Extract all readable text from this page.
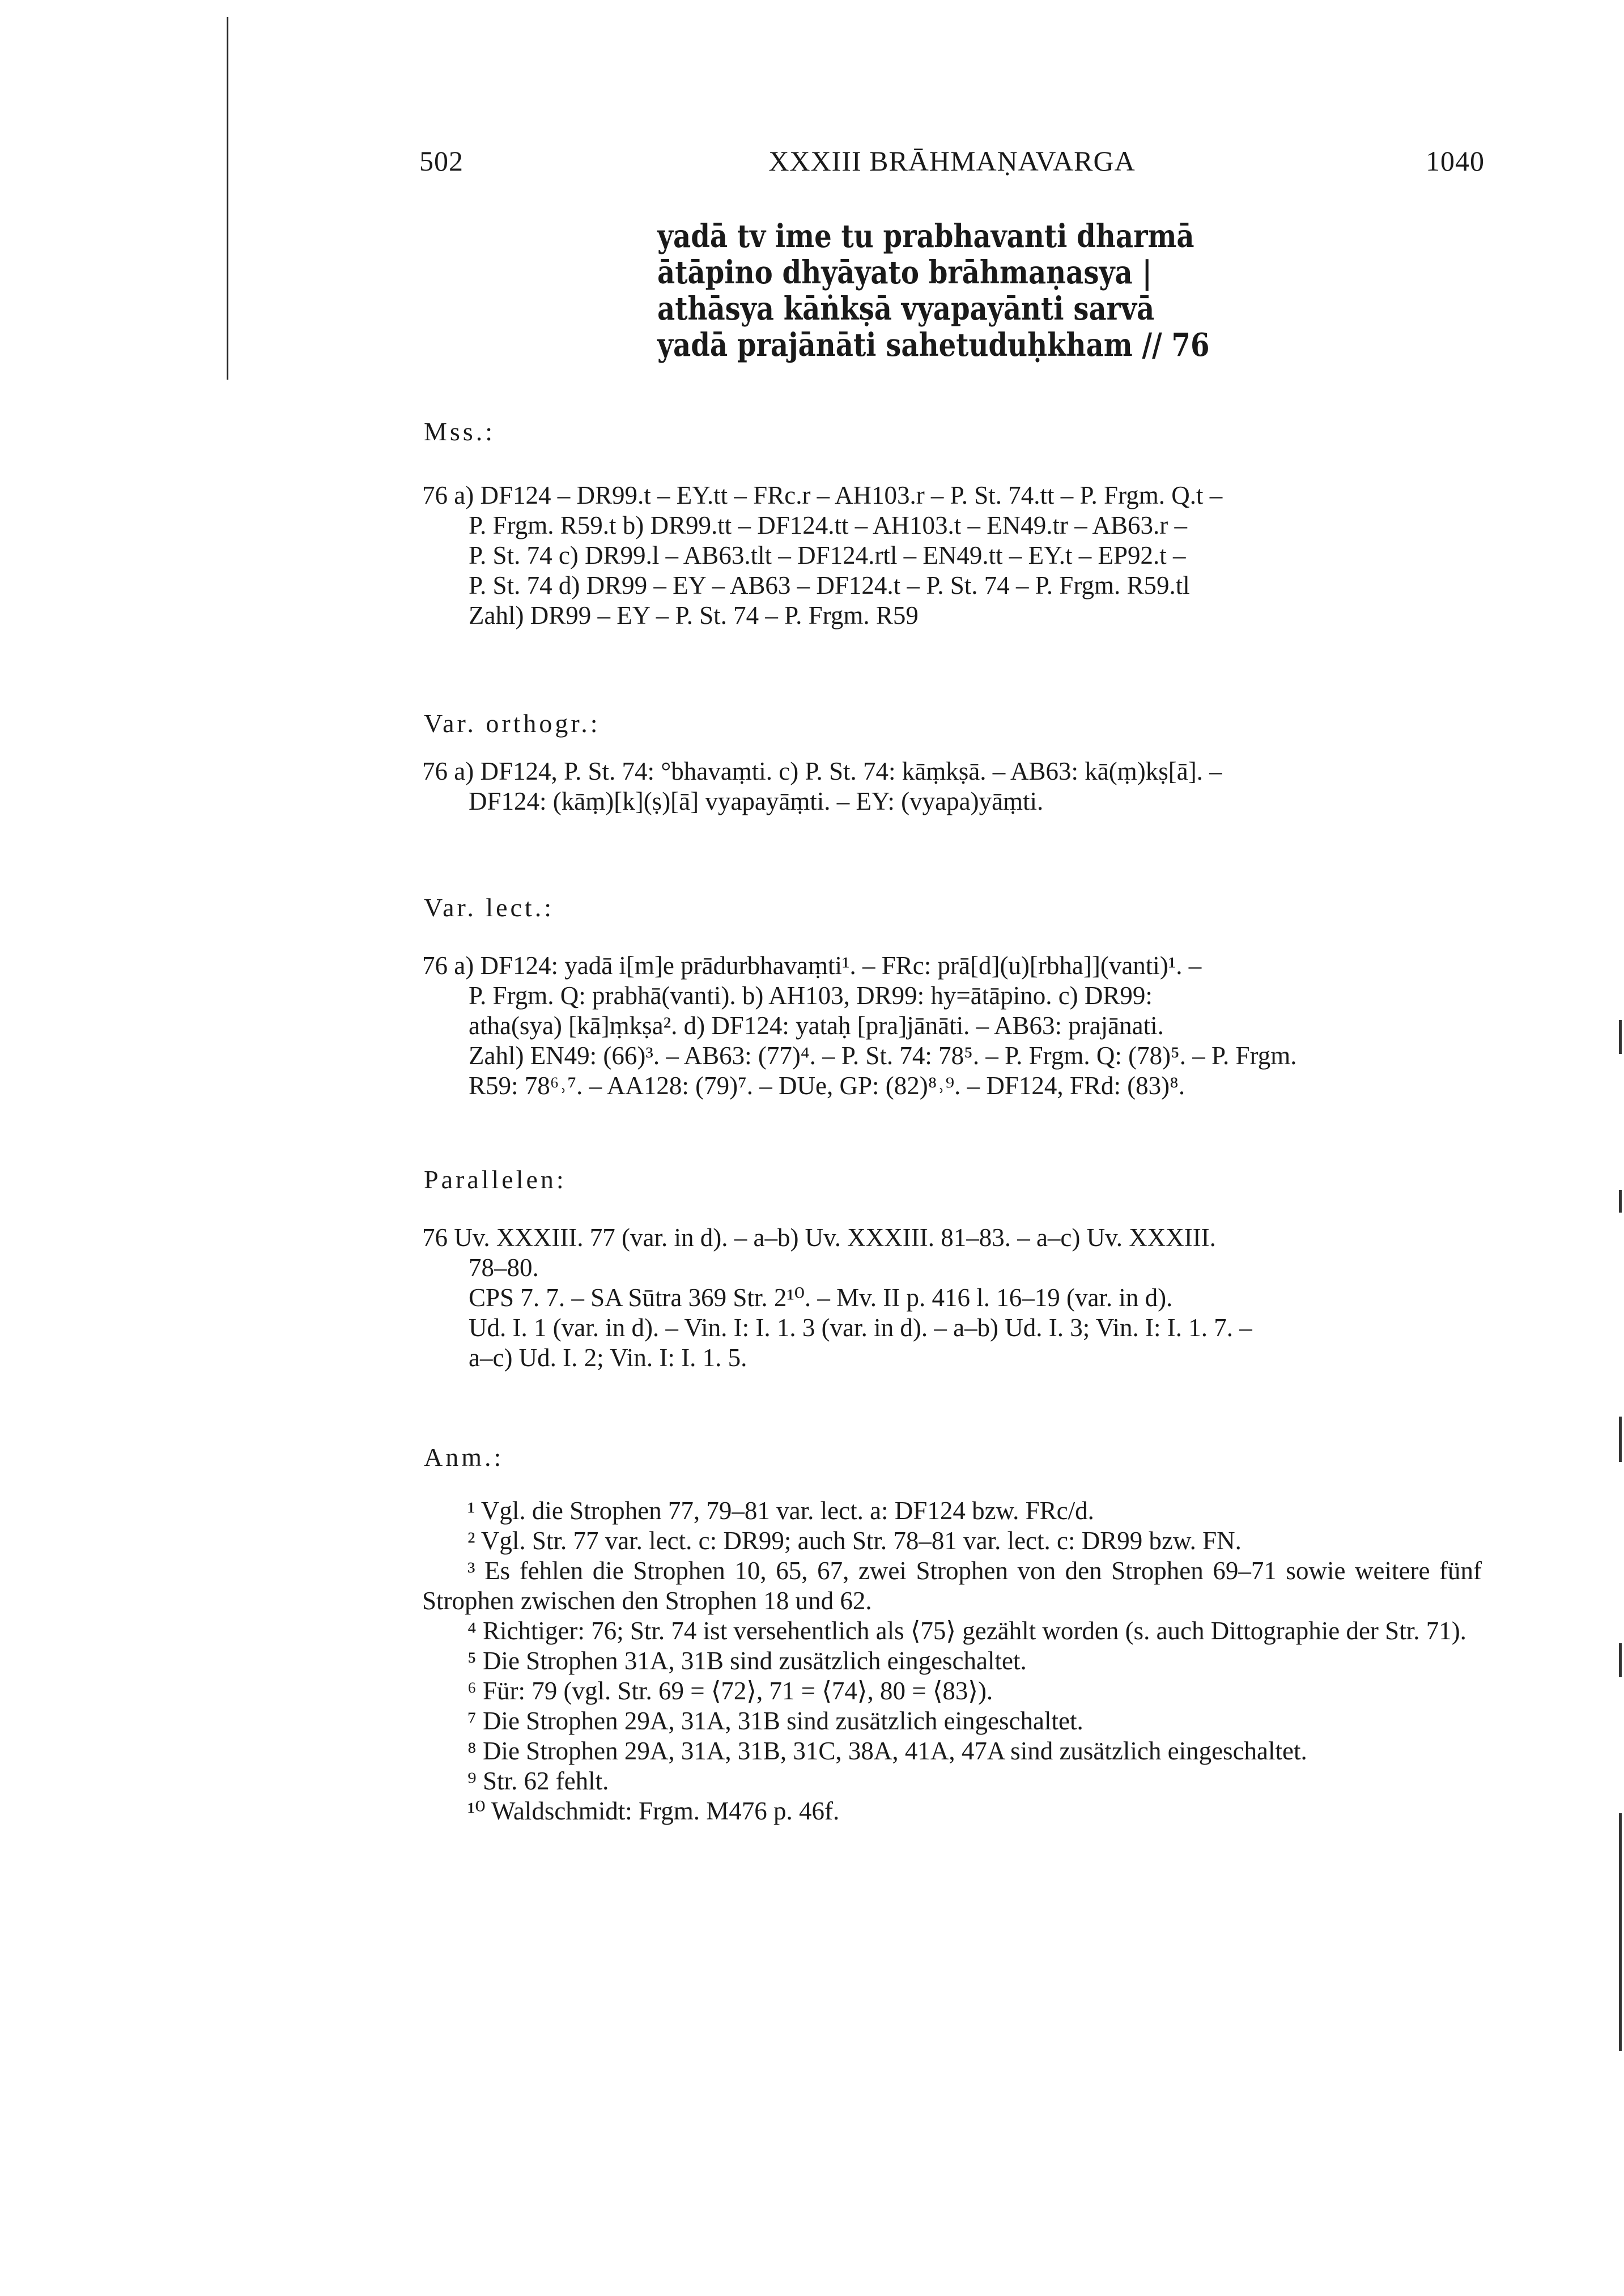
502	XXXIII BRĀHMAṆAVARGA	1040
yadā tv ime tu prabhavanti dharmā
ātāpino dhyāyato brāhmaṇasya |
athāsya kāṅkṣā vyapayānti sarvā
yadā prajānāti sahetuduḥkham // 76
Mss.:

76 a) DF124 – DR99.t – EY.tt – FRc.r – AH103.r – P. St. 74.tt – P. Frgm. Q.t –

P. Frgm. R59.t b) DR99.tt – DF124.tt – AH103.t – EN49.tr – AB63.r –

P. St. 74 c) DR99.l – AB63.tlt – DF124.rtl – EN49.tt – EY.t – EP92.t –

P. St. 74 d) DR99 – EY – AB63 – DF124.t – P. St. 74 – P. Frgm. R59.tl

Zahl) DR99 – EY – P. St. 74 – P. Frgm. R59

Var. orthogr.:

76 a) DF124, P. St. 74: °bhavaṃti. c) P. St. 74: kāṃkṣā. – AB63: kā(ṃ)kṣ[ā]. –

DF124: (kāṃ)[k](ṣ)[ā] vyapayāṃti. – EY: (vyapa)yāṃti.

Var. lect.:

76 a) DF124: yadā i[m]e prādurbhavaṃti¹. – FRc: prā[d](u)[rbha]](vanti)¹. –

P. Frgm. Q: prabhā(vanti). b) AH103, DR99: hy=ātāpino. c) DR99:

atha(sya) [kā]ṃkṣa². d) DF124: yataḥ [pra]jānāti. – AB63: prajānati.

Zahl) EN49: (66)³. – AB63: (77)⁴. – P. St. 74: 78⁵. – P. Frgm. Q: (78)⁵. – P. Frgm.

R59: 78⁶˒⁷. – AA128: (79)⁷. – DUe, GP: (82)⁸˒⁹. – DF124, FRd: (83)⁸.

Parallelen:

76 Uv. XXXIII. 77 (var. in d). – a–b) Uv. XXXIII. 81–83. – a–c) Uv. XXXIII.

78–80.

CPS 7. 7. – SA Sūtra 369 Str. 2¹⁰. – Mv. II p. 416 l. 16–19 (var. in d).

Ud. I. 1 (var. in d). – Vin. I: I. 1. 3 (var. in d). – a–b) Ud. I. 3; Vin. I: I. 1. 7. –

a–c) Ud. I. 2; Vin. I: I. 1. 5.

Anm.:

¹ Vgl. die Strophen 77, 79–81 var. lect. a: DF124 bzw. FRc/d.

² Vgl. Str. 77 var. lect. c: DR99; auch Str. 78–81 var. lect. c: DR99 bzw. FN.

³ Es fehlen die Strophen 10, 65, 67, zwei Strophen von den Strophen 69–71 sowie weitere fünf Strophen zwischen den Strophen 18 und 62.

⁴ Richtiger: 76; Str. 74 ist versehentlich als ⟨75⟩ gezählt worden (s. auch Dittographie der Str. 71).

⁵ Die Strophen 31A, 31B sind zusätzlich eingeschaltet.

⁶ Für: 79 (vgl. Str. 69 = ⟨72⟩, 71 = ⟨74⟩, 80 = ⟨83⟩).

⁷ Die Strophen 29A, 31A, 31B sind zusätzlich eingeschaltet.

⁸ Die Strophen 29A, 31A, 31B, 31C, 38A, 41A, 47A sind zusätzlich eingeschaltet.

⁹ Str. 62 fehlt.

¹⁰ Waldschmidt: Frgm. M476 p. 46f.
